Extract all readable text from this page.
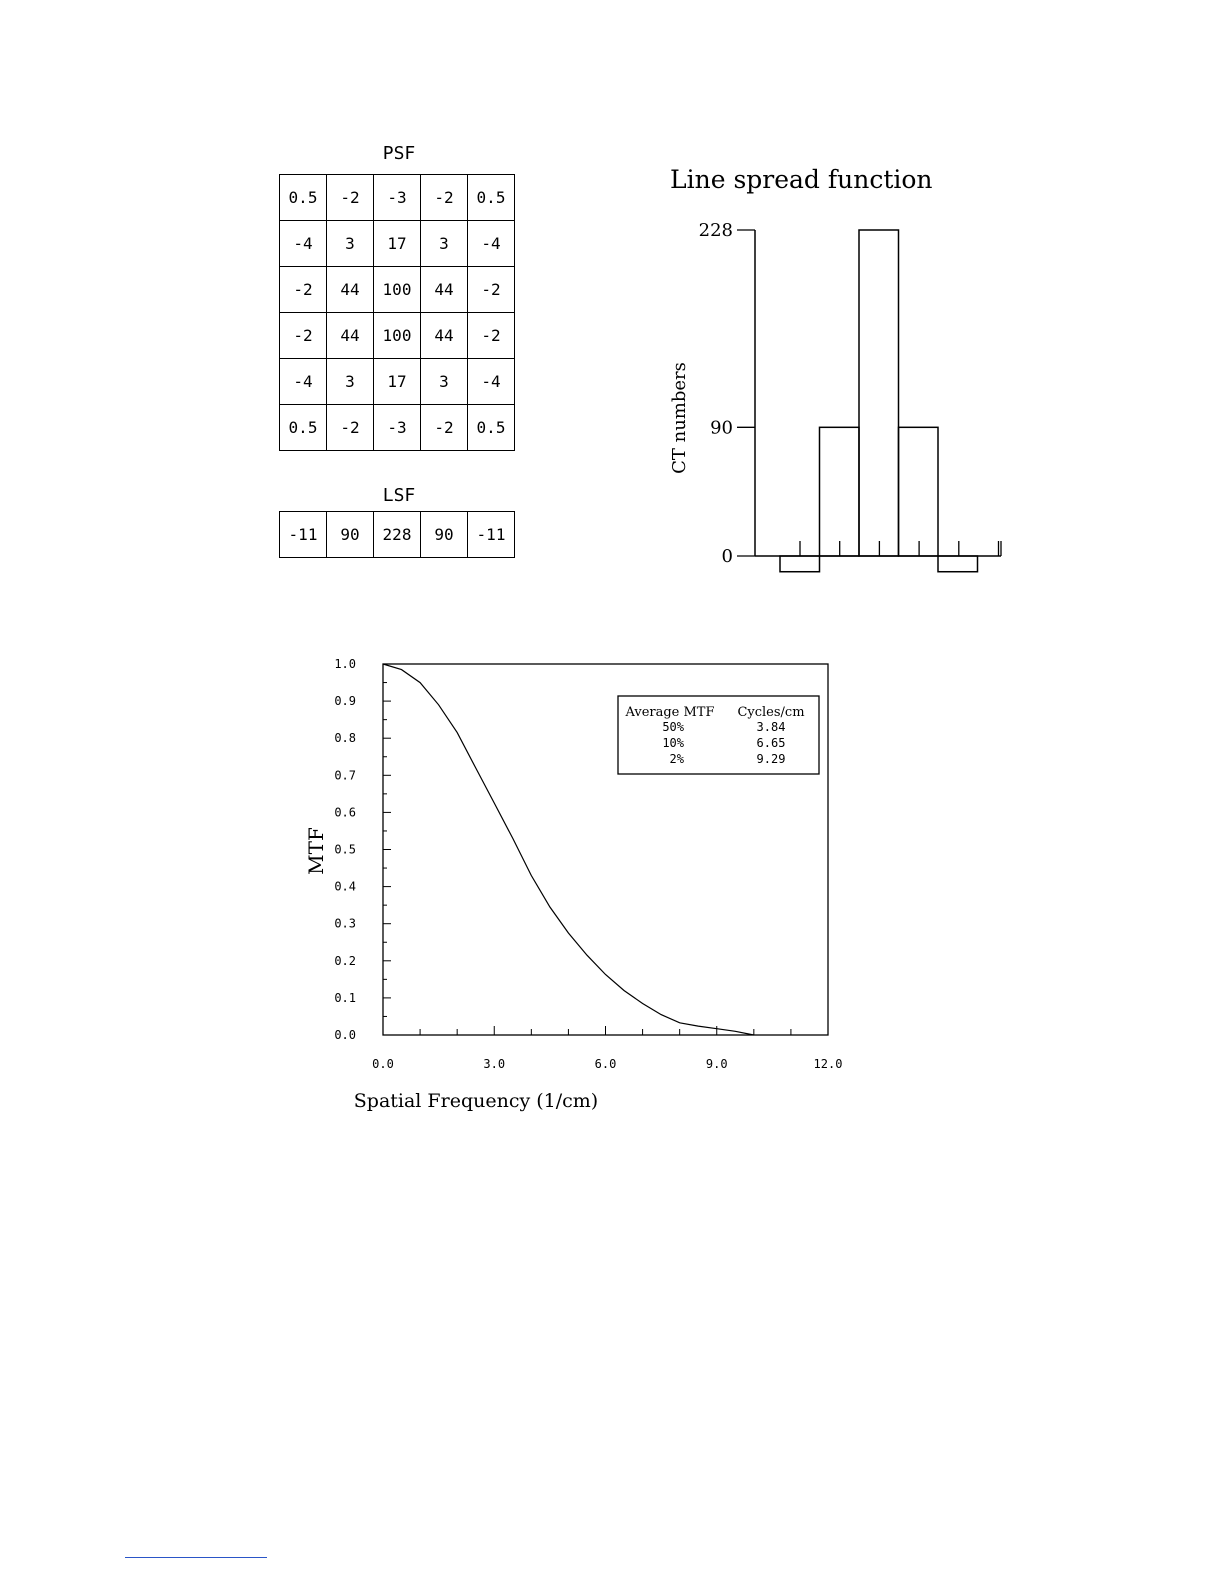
PSF
0.5	-2	-3	-2	0.5
-4	3	17	3	-4
-2	44	100	44	-2
-2	44	100	44	-2
-4	3	17	3	-4
0.5	-2	-3	-2	0.5
LSF
-11	90	228	90	-11
Line spread function
CT numbers
228
90
0
Spatial Frequency (1/cm)
MTF
0.0
0.1
0.2
0.3
0.4
0.5
0.6
0.7
0.8
0.9
1.0
0.0	3.0	6.0	9.0	12.0
Average MTF Cycles/cm
50%	3.84
10%	6.65
2%	9.29
